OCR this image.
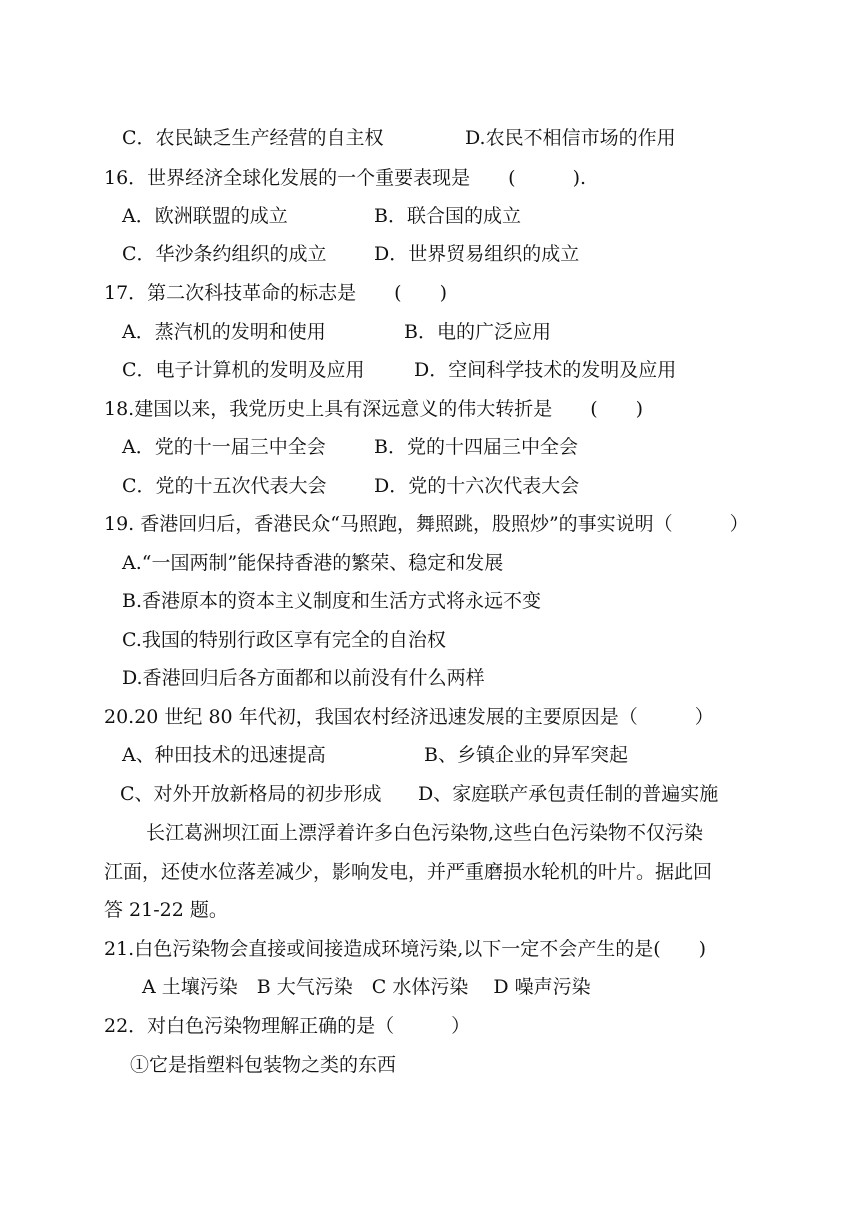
C．农民缺乏生产经营的自主权

	D.农民不相信市场的作用

16．世界经济全球化发展的一个重要表现是　　(　　　).

A．欧洲联盟的成立

	B．联合国的成立

C．华沙条约组织的成立

D．世界贸易组织的成立

17．第二次科技革命的标志是　　(　　)

A．蒸汽机的发明和使用

	B．电的广泛应用

C．电子计算机的发明及应用

	D．空间科学技术的发明及应用

18.建国以来，我党历史上具有深远意义的伟大转折是　　(　　)

A．党的十一届三中全会

	B．党的十四届三中全会

C．党的十五次代表大会

D．党的十六次代表大会

19. 香港回归后，香港民众“马照跑，舞照跳，股照炒”的事实说明（　　　）
A.“一国两制”能保持香港的繁荣、稳定和发展
B.香港原本的资本主义制度和生活方式将永远不变
C.我国的特别行政区享有完全的自治权
D.香港回归后各方面都和以前没有什么两样
20.20 世纪 80 年代初，我国农村经济迅速发展的主要原因是（　　　）

A、种田技术的迅速提高

	B、乡镇企业的异军突起

C、对外开放新格局的初步形成

D、家庭联产承包责任制的普遍实施

长江葛洲坝江面上漂浮着许多白色污染物,这些白色污染物不仅污染
江面，还使水位落差减少，影响发电，并严重磨损水轮机的叶片。据此回
答 21-22 题。
21.白色污染物会直接或间接造成环境污染,以下一定不会产生的是(　　)
A 土壤污染　B 大气污染　C 水体污染　 D 噪声污染
22．对白色污染物理解正确的是（　　　）
①它是指塑料包装物之类的东西
